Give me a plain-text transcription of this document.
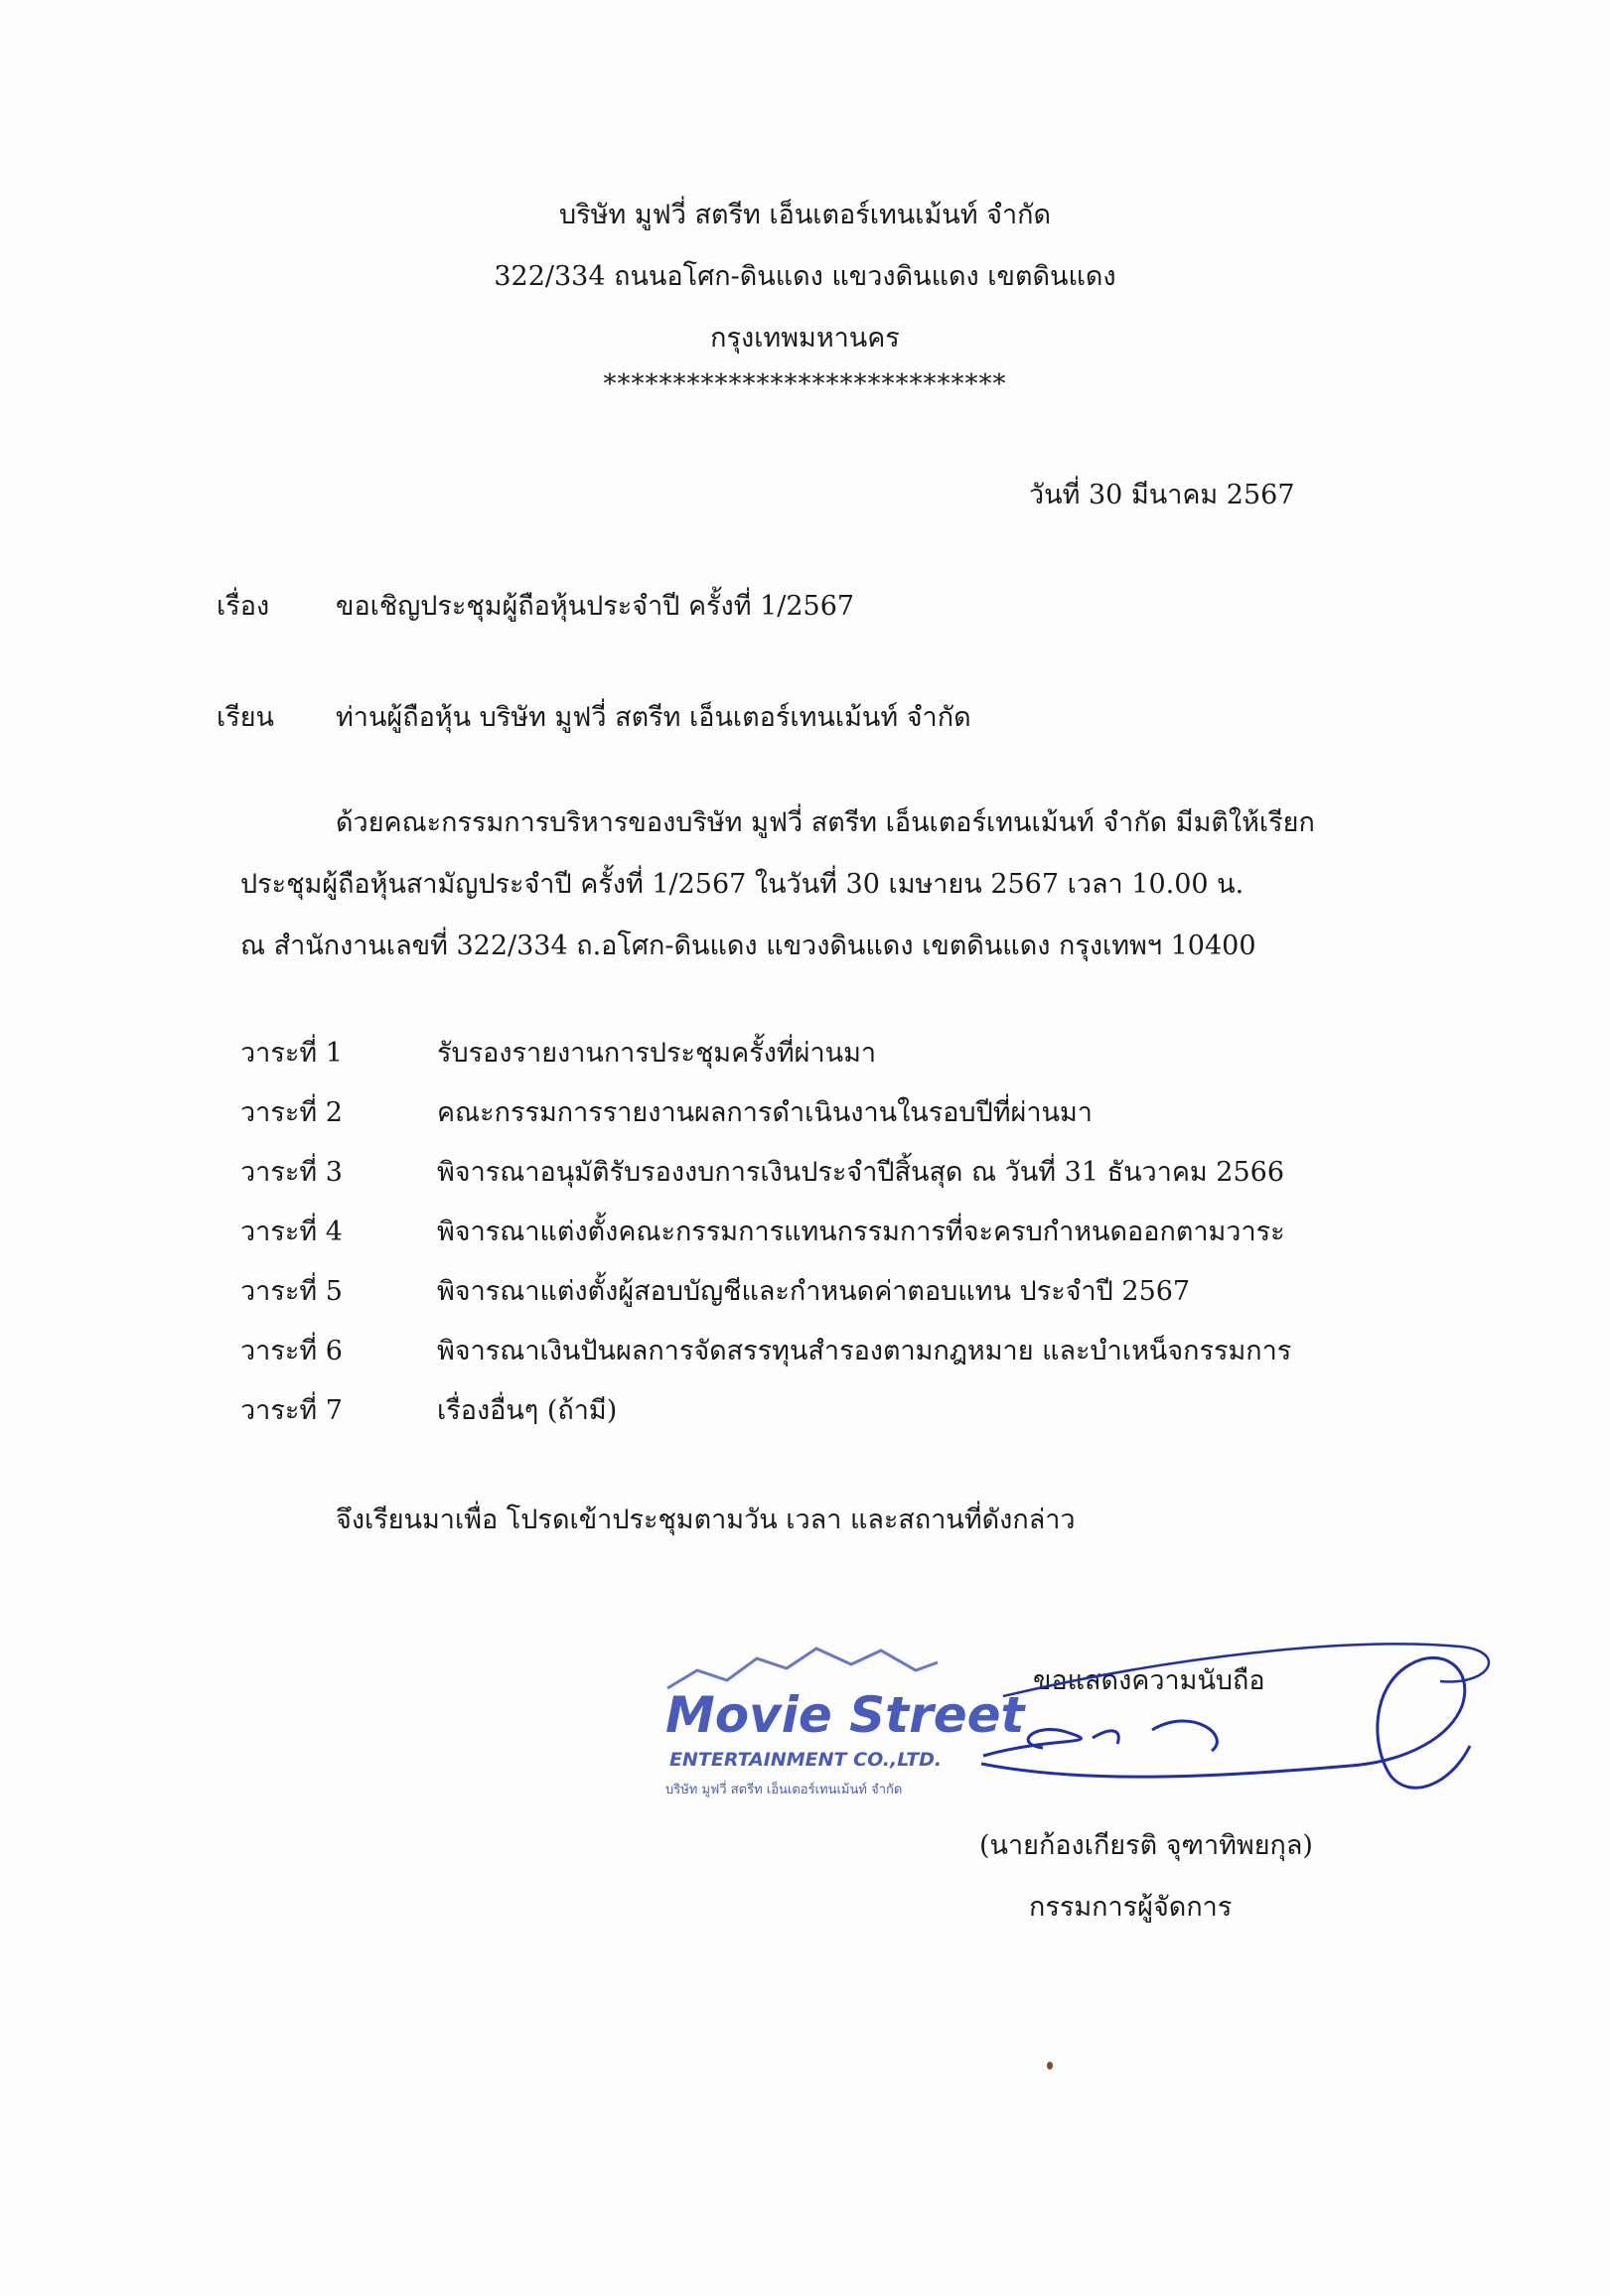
บริษัท มูฟวี่ สตรีท เอ็นเตอร์เทนเม้นท์ จำกัด
322/334 ถนนอโศก-ดินแดง แขวงดินแดง เขตดินแดง
กรุงเทพมหานคร
*****************************
วันที่ 30 มีนาคม 2567
เรื่อง ขอเชิญประชุมผู้ถือหุ้นประจำปี ครั้งที่ 1/2567
เรียน ท่านผู้ถือหุ้น บริษัท มูฟวี่ สตรีท เอ็นเตอร์เทนเม้นท์ จำกัด
ด้วยคณะกรรมการบริหารของบริษัท มูฟวี่ สตรีท เอ็นเตอร์เทนเม้นท์ จำกัด มีมติให้เรียก
ประชุมผู้ถือหุ้นสามัญประจำปี ครั้งที่ 1/2567 ในวันที่ 30 เมษายน 2567 เวลา 10.00 น.
ณ สำนักงานเลขที่ 322/334 ถ.อโศก-ดินแดง แขวงดินแดง เขตดินแดง กรุงเทพฯ 10400
วาระที่ 1	รับรองรายงานการประชุมครั้งที่ผ่านมา
วาระที่ 2	คณะกรรมการรายงานผลการดำเนินงานในรอบปีที่ผ่านมา
วาระที่ 3	พิจารณาอนุมัติรับรองงบการเงินประจำปีสิ้นสุด ณ วันที่ 31 ธันวาคม 2566
วาระที่ 4	พิจารณาแต่งตั้งคณะกรรมการแทนกรรมการที่จะครบกำหนดออกตามวาระ
วาระที่ 5	พิจารณาแต่งตั้งผู้สอบบัญชีและกำหนดค่าตอบแทน ประจำปี 2567
วาระที่ 6	พิจารณาเงินปันผลการจัดสรรทุนสำรองตามกฎหมาย และบำเหน็จกรรมการ
วาระที่ 7	เรื่องอื่นๆ (ถ้ามี)
จึงเรียนมาเพื่อ โปรดเข้าประชุมตามวัน เวลา และสถานที่ดังกล่าว
Movie Street
ENTERTAINMENT CO.,LTD.
บริษัท มูฟวี่ สตรีท เอ็นเตอร์เทนเม้นท์ จำกัด
ขอแสดงความนับถือ
(นายก้องเกียรติ จุฑาทิพยกุล)
กรรมการผู้จัดการ
